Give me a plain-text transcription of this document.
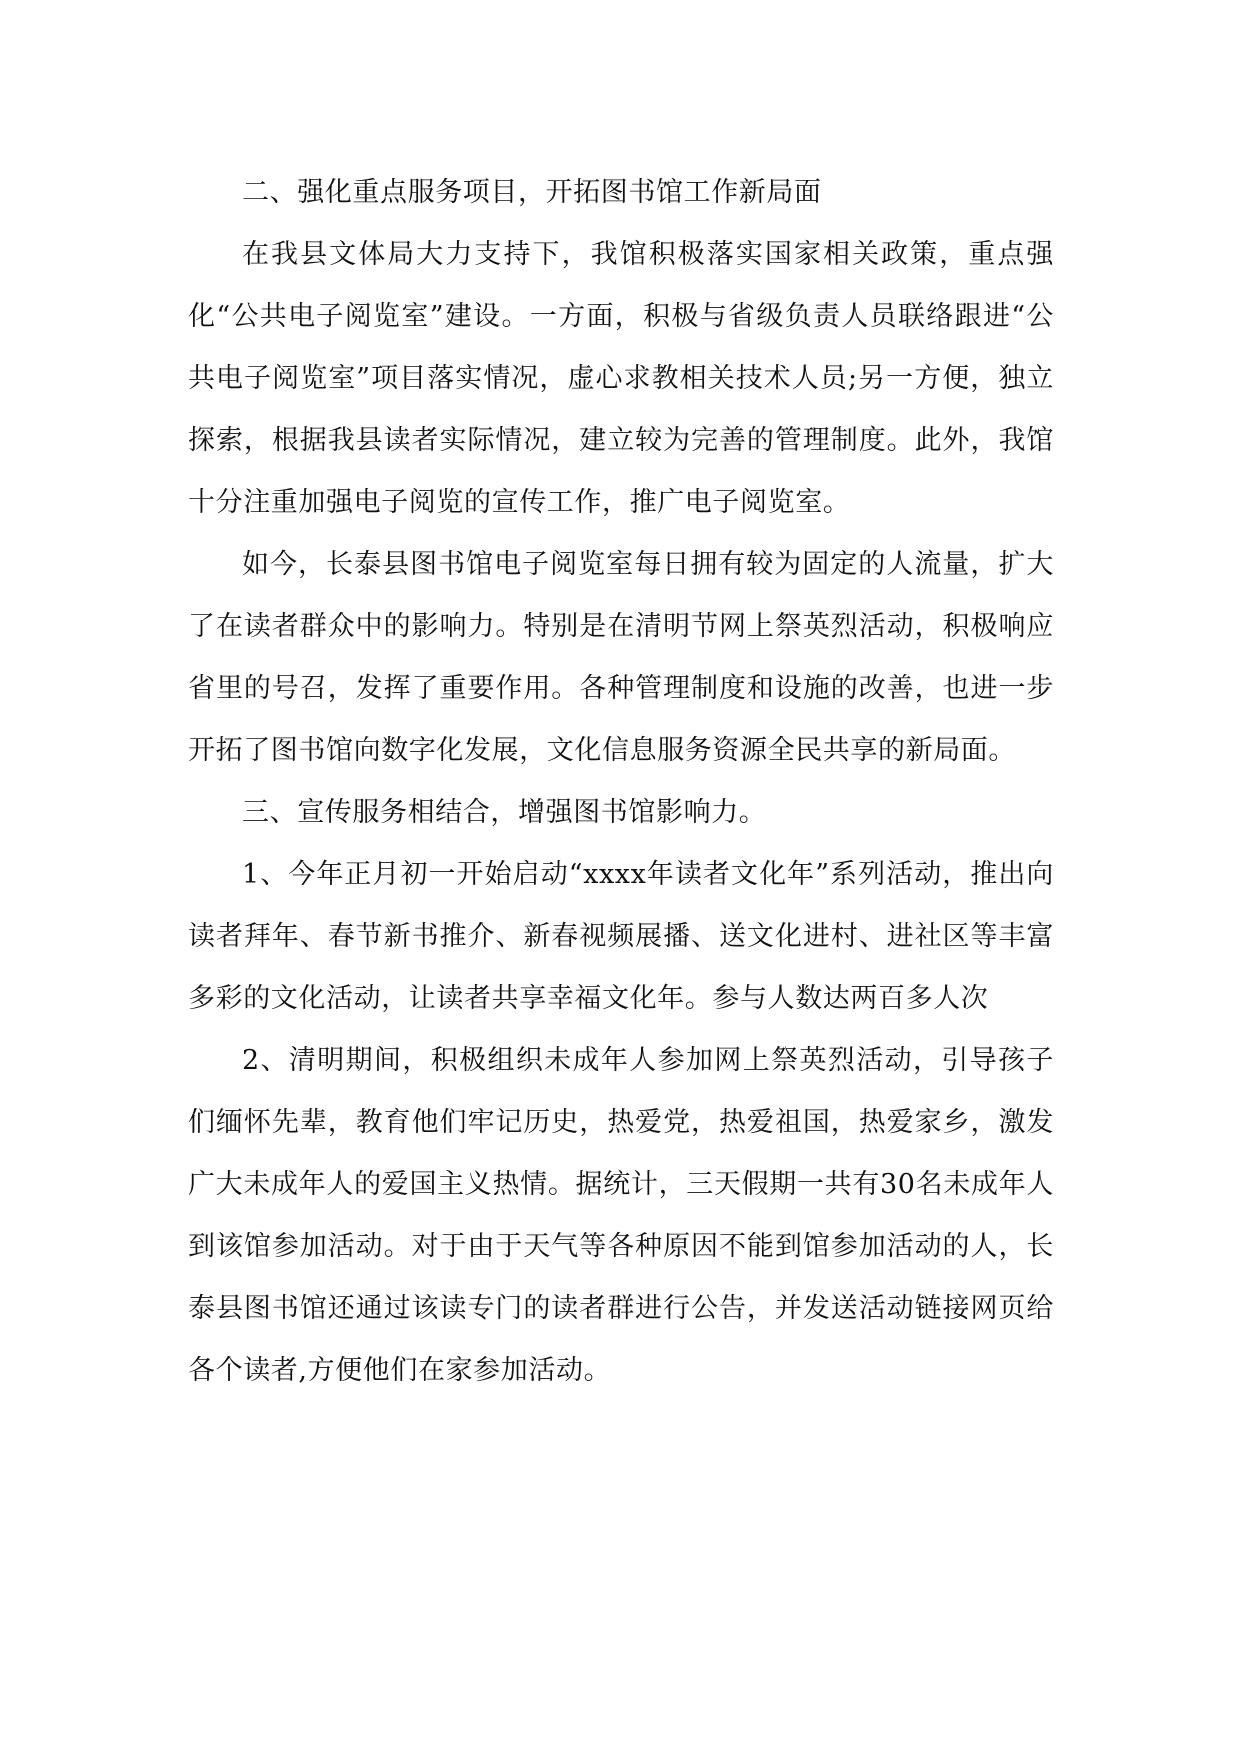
二、强化重点服务项目，开拓图书馆工作新局面

在我县文体局大力支持下，我馆积极落实国家相关政策，重点强化“公共电子阅览室”建设。一方面，积极与省级负责人员联络跟进“公共电子阅览室”项目落实情况，虚心求教相关技术人员;另一方便，独立探索，根据我县读者实际情况，建立较为完善的管理制度。此外，我馆十分注重加强电子阅览的宣传工作，推广电子阅览室。

如今，长泰县图书馆电子阅览室每日拥有较为固定的人流量，扩大了在读者群众中的影响力。特别是在清明节网上祭英烈活动，积极响应省里的号召，发挥了重要作用。各种管理制度和设施的改善，也进一步开拓了图书馆向数字化发展，文化信息服务资源全民共享的新局面。

三、宣传服务相结合，增强图书馆影响力。

1、今年正月初一开始启动“xxxx年读者文化年”系列活动，推出向读者拜年、春节新书推介、新春视频展播、送文化进村、进社区等丰富多彩的文化活动，让读者共享幸福文化年。参与人数达两百多人次

2、清明期间，积极组织未成年人参加网上祭英烈活动，引导孩子们缅怀先辈，教育他们牢记历史，热爱党，热爱祖国，热爱家乡，激发广大未成年人的爱国主义热情。据统计，三天假期一共有30名未成年人到该馆参加活动。对于由于天气等各种原因不能到馆参加活动的人，长泰县图书馆还通过该读专门的读者群进行公告，并发送活动链接网页给各个读者,方便他们在家参加活动。
